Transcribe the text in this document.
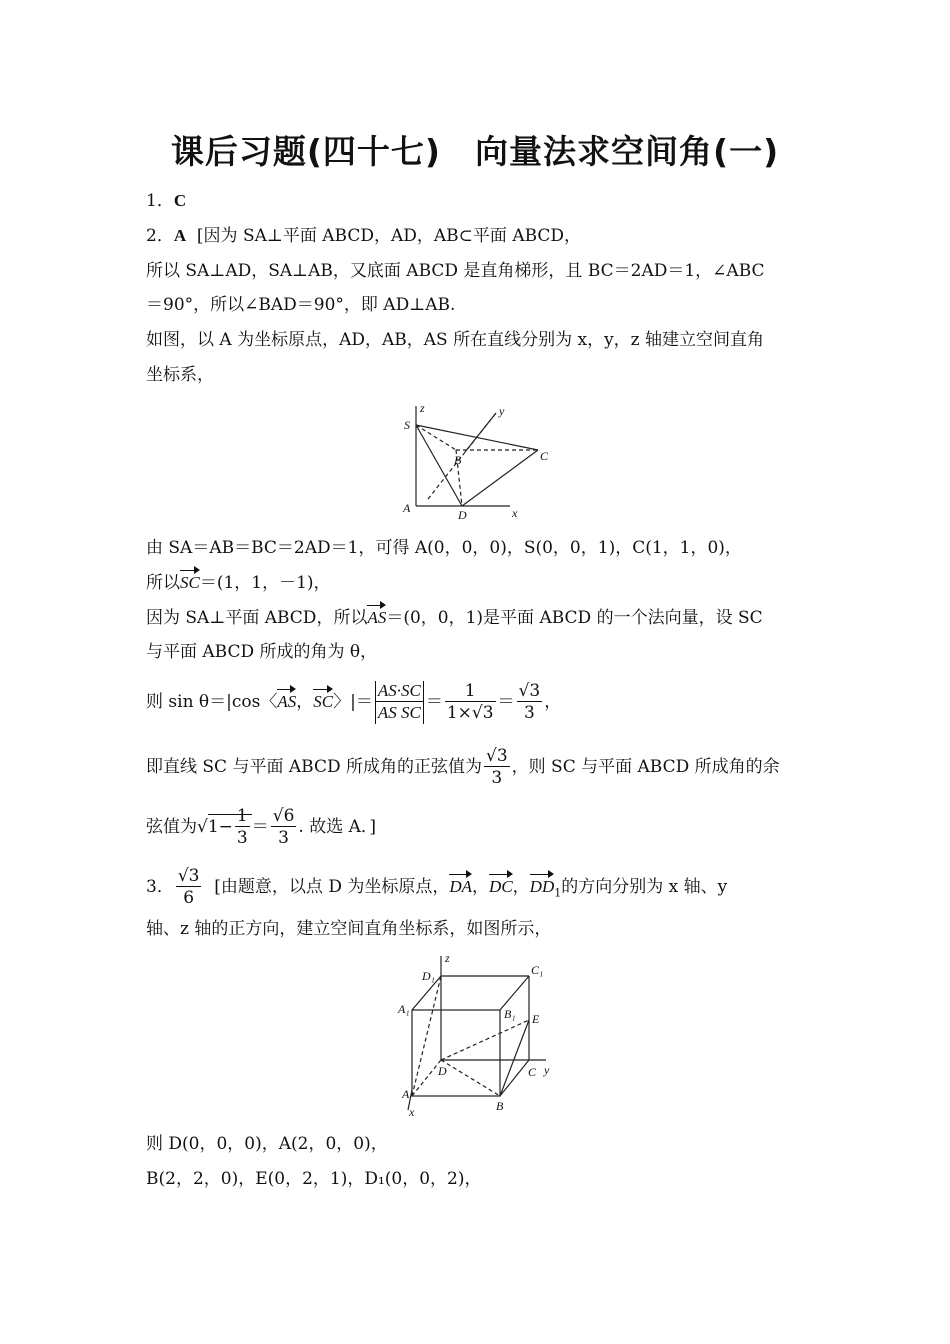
课后习题(四十七)　向量法求空间角(一)
1．C
2．A [因为 SA⊥平面 ABCD，AD，AB⊂平面 ABCD，
所以 SA⊥AD，SA⊥AB，又底面 ABCD 是直角梯形，且 BC＝2AD＝1，∠ABC
＝90°，所以∠BAD＝90°，即 AD⊥AB.
如图，以 A 为坐标原点，AD，AB，AS 所在直线分别为 x，y，z 轴建立空间直角
坐标系，
S
z	y
B	C
A	D	x
由 SA＝AB＝BC＝2AD＝1，可得 A(0，0，0)，S(0，0，1)，C(1，1，0)，
所以SC＝(1，1，－1)，
因为 SA⊥平面 ABCD，所以AS＝(0，0，1)是平面 ABCD 的一个法向量，设 SC
与平面 ABCD 所成的角为 θ，
则 sin θ＝|cos〈AS，SC〉|＝ $\frac{AS\cdot SC}{\text{AS SC}} = \frac{1}{1\times√3} = \frac{√3}{3}$ ，
即直线 SC 与平面 ABCD 所成角的正弦值为 $\frac{√3}{3}$ ，则 SC 与平面 ABCD 所成角的余
弦值为$√1- \frac{1}{3} = \frac{√6}{3}$ . 故选 A．]
3． $\frac{√3}{6}$ [由题意，以点 D 为坐标原点，DA，DC，$DD_1$的方向分别为 x 轴、y
轴、z 轴的正方向，建立空间直角坐标系，如图所示，
D₁
z
C₁
A₁	B₁ E
D	C y
A
x	B
则 D(0，0，0)，A(2，0，0)，
B(2，2，0)，E(0，2，1)，D₁(0，0，2)，
